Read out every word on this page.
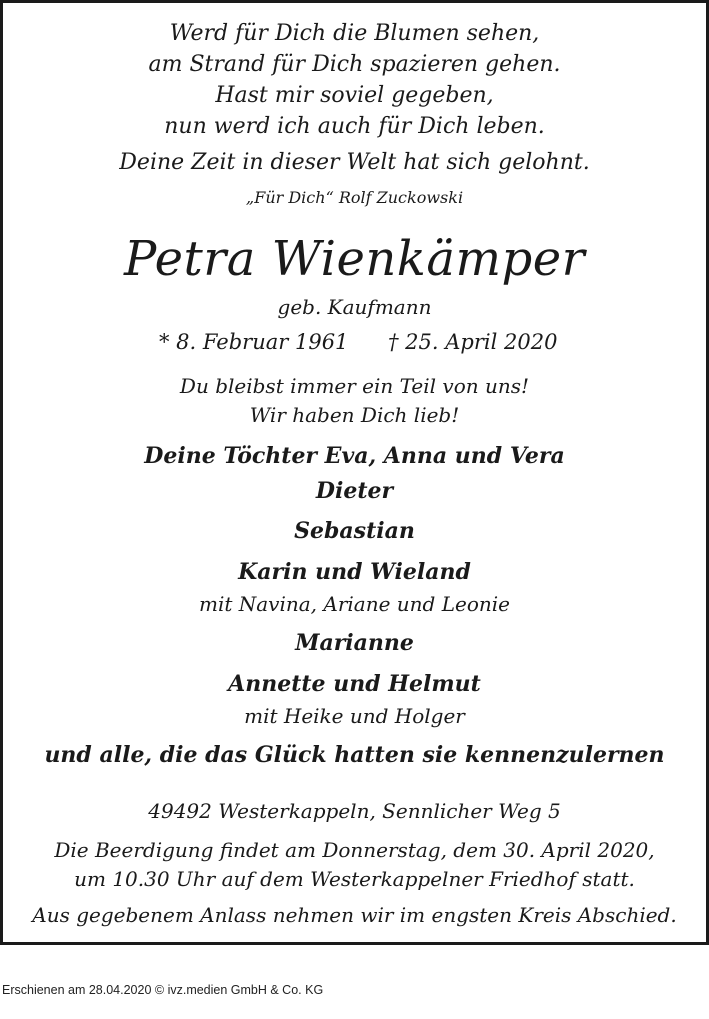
Werd für Dich die Blumen sehen,
am Strand für Dich spazieren gehen.
Hast mir soviel gegeben,
nun werd ich auch für Dich leben.
Deine Zeit in dieser Welt hat sich gelohnt.
„Für Dich“ Rolf Zuckowski
Petra Wienkämper
geb. Kaufmann
* 8. Februar 1961 † 25. April 2020
Du bleibst immer ein Teil von uns!
Wir haben Dich lieb!
Deine Töchter Eva, Anna und Vera
Dieter
Sebastian
Karin und Wieland
mit Navina, Ariane und Leonie
Marianne
Annette und Helmut
mit Heike und Holger
und alle, die das Glück hatten sie kennenzulernen
49492 Westerkappeln, Sennlicher Weg 5
Die Beerdigung findet am Donnerstag, dem 30. April 2020,
um 10.30 Uhr auf dem Westerkappelner Friedhof statt.
Aus gegebenem Anlass nehmen wir im engsten Kreis Abschied.
Erschienen am 28.04.2020 © ivz.medien GmbH & Co. KG
